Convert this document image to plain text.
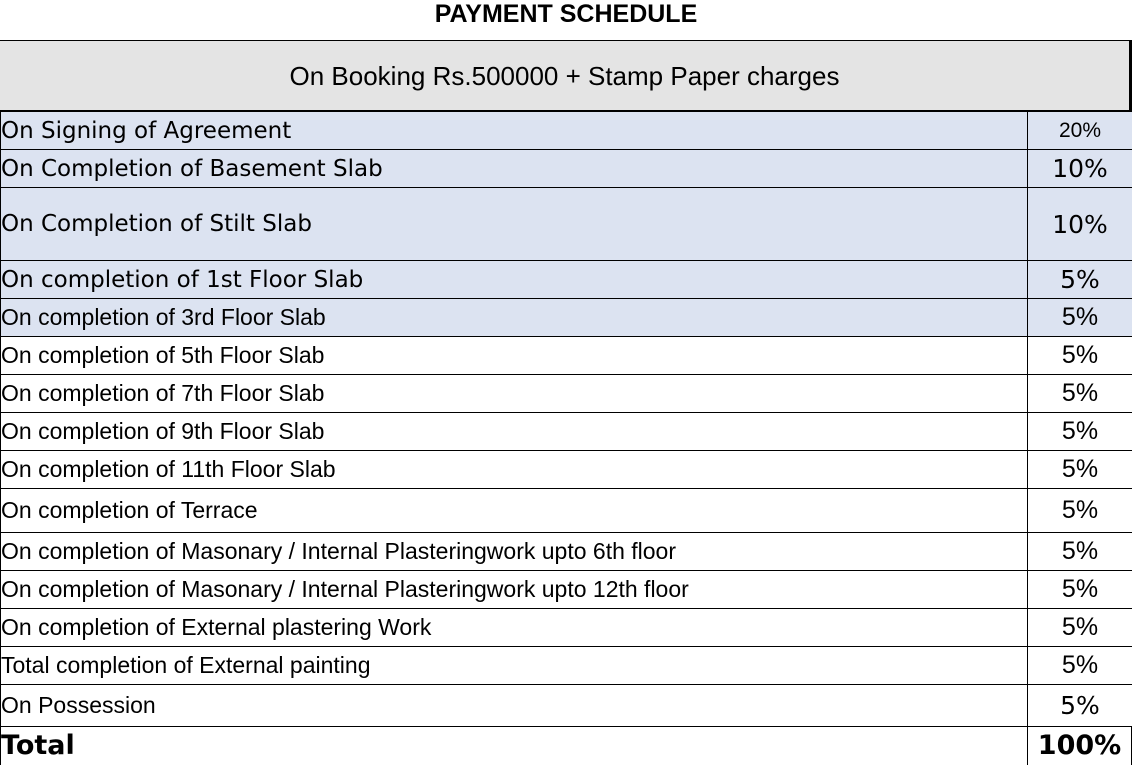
PAYMENT SCHEDULE
On Booking Rs.500000 + Stamp Paper charges
On Signing of Agreement	20%
On Completion of Basement Slab	10%
On Completion of Stilt Slab	10%
On completion of 1st Floor Slab	5%
On completion of 3rd Floor Slab	5%
On completion of 5th Floor Slab	5%
On completion of 7th Floor Slab	5%
On completion of 9th Floor Slab	5%
On completion of 11th Floor Slab	5%
On completion of Terrace	5%
On completion of Masonary / Internal Plasteringwork upto 6th floor	5%
On completion of Masonary / Internal Plasteringwork upto 12th floor	5%
On completion of External plastering Work	5%
Total completion of External painting	5%
On Possession	5%
Total	100%
